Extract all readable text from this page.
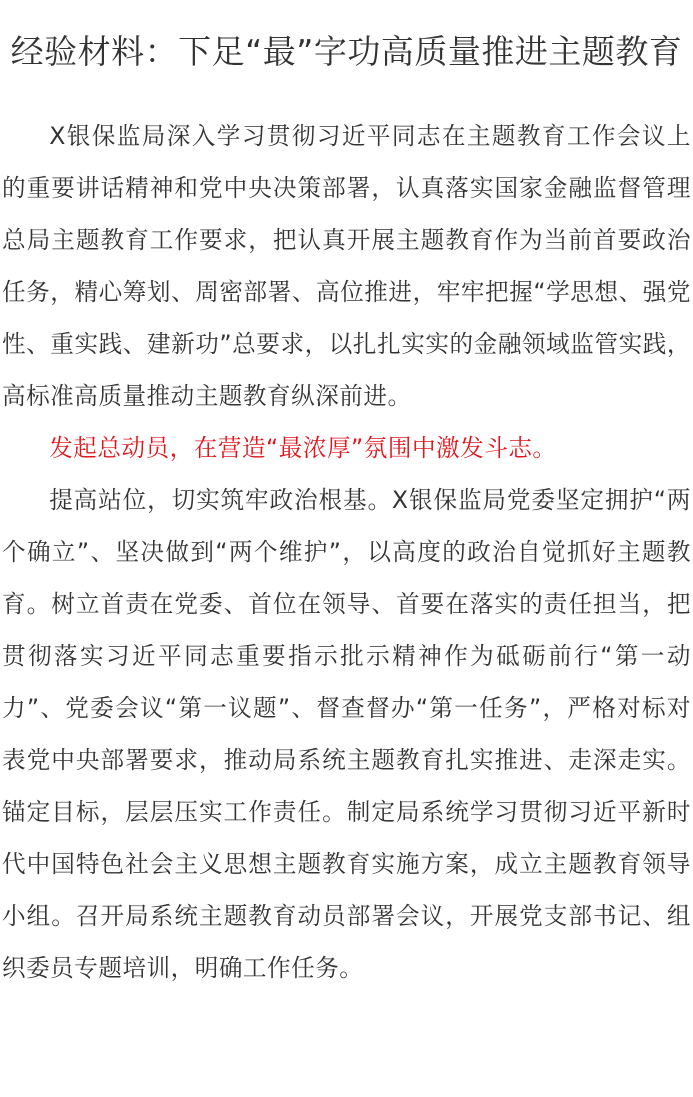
经验材料：下足“最”字功高质量推进主题教育

X银保监局深入学习贯彻习近平同志在主题教育工作会议上的重要讲话精神和党中央决策部署，认真落实国家金融监督管理总局主题教育工作要求，把认真开展主题教育作为当前首要政治任务，精心筹划、周密部署、高位推进，牢牢把握“学思想、强党性、重实践、建新功”总要求，以扎扎实实的金融领域监管实践，高标准高质量推动主题教育纵深前进。

发起总动员，在营造“最浓厚”氛围中激发斗志。

提高站位，切实筑牢政治根基。X银保监局党委坚定拥护“两个确立”、坚决做到“两个维护”，以高度的政治自觉抓好主题教育。树立首责在党委、首位在领导、首要在落实的责任担当，把贯彻落实习近平同志重要指示批示精神作为砥砺前行“第一动力”、党委会议“第一议题”、督查督办“第一任务”，严格对标对表党中央部署要求，推动局系统主题教育扎实推进、走深走实。锚定目标，层层压实工作责任。制定局系统学习贯彻习近平新时代中国特色社会主义思想主题教育实施方案，成立主题教育领导小组。召开局系统主题教育动员部署会议，开展党支部书记、组织委员专题培训，明确工作任务。
